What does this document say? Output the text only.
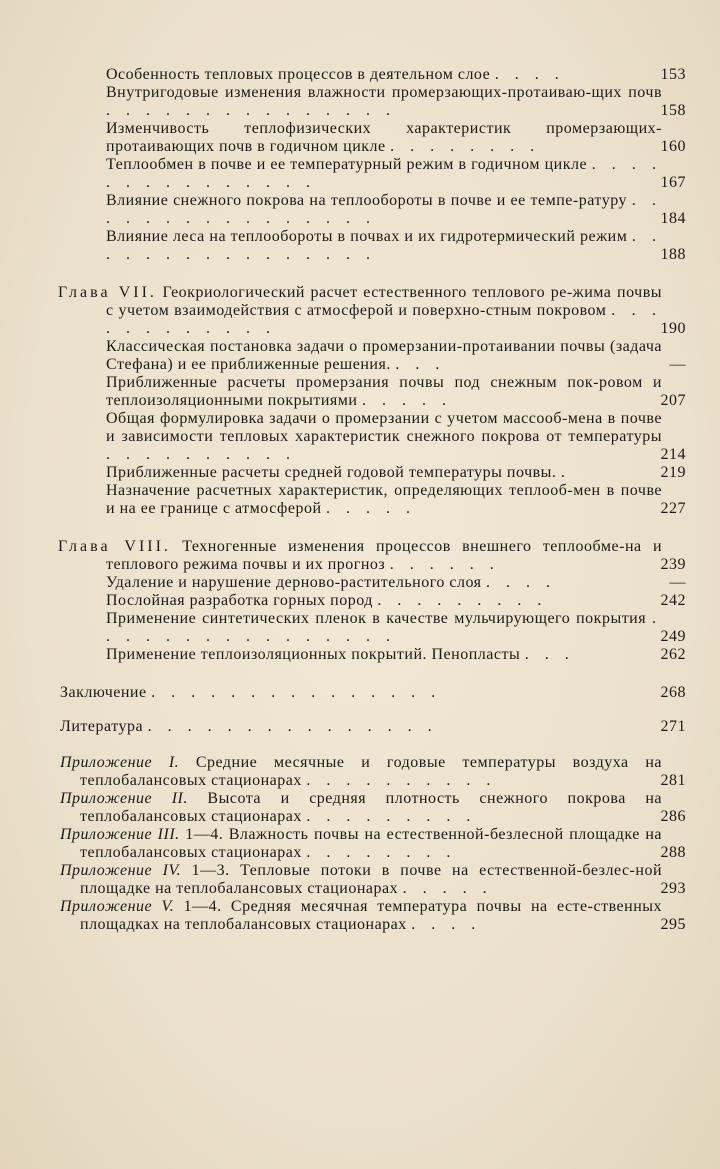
Особенность тепловых процессов в деятельном слое . . . .	153
Внутригодовые изменения влажности промерзающих-протаиваю-щих почв . . . . . . . . . . . . . . .	158
Изменчивость теплофизических характеристик промерзающих-протаивающих почв в годичном цикле . . . . . . . .	160
Теплообмен в почве и ее температурный режим в годичном цикле . . . . . . . . . . . . . . .	167
Влияние снежного покрова на теплообороты в почве и ее темпе-ратуру . . . . . . . . . . . . . . . .	184
Влияние леса на теплообороты в почвах и их гидротермический режим . . . . . . . . . . . . . . . .	188
Глава VII. Геокриологический расчет естественного теплового ре-жима почвы с учетом взаимодействия с атмосферой и поверхно-стным покровом . . . . . . . . . . . .	190
Классическая постановка задачи о промерзании-протаивании почвы (задача Стефана) и ее приближенные решения. . . .	—
Приближенные расчеты промерзания почвы под снежным пок-ровом и теплоизоляционными покрытиями . . . . .	207
Общая формулировка задачи о промерзании с учетом массооб-мена в почве и зависимости тепловых характеристик снежного покрова от температуры . . . . . . . . . .	214
Приближенные расчеты средней годовой температуры почвы. .	219
Назначение расчетных характеристик, определяющих теплооб-мен в почве и на ее границе с атмосферой . . . . .	227
Глава VIII. Техногенные изменения процессов внешнего теплообме-на и теплового режима почвы и их прогноз . . . . . .	239
Удаление и нарушение дерново-растительного слоя . . . .	—
Послойная разработка горных пород . . . . . . . . .	242
Применение синтетических пленок в качестве мульчирующего покрытия . . . . . . . . . . . . . . . .	249
Применение теплоизоляционных покрытий. Пенопласты . . .	262
Заключение . . . . . . . . . . . . . . .	268
Литература . . . . . . . . . . . . . . .	271
Приложение I. Средние месячные и годовые температуры воздуха на теплобалансовых стационарах . . . . . . . . . .	281
Приложение II. Высота и средняя плотность снежного покрова на теплобалансовых стационарах . . . . . . . . .	286
Приложение III. 1—4. Влажность почвы на естественной-безлесной площадке на теплобалансовых стационарах . . . . . . . .	288
Приложение IV. 1—3. Тепловые потоки в почве на естественной-безлес-ной площадке на теплобалансовых стационарах . . . . .	293
Приложение V. 1—4. Средняя месячная температура почвы на есте-ственных площадках на теплобалансовых стационарах . . . .	295
